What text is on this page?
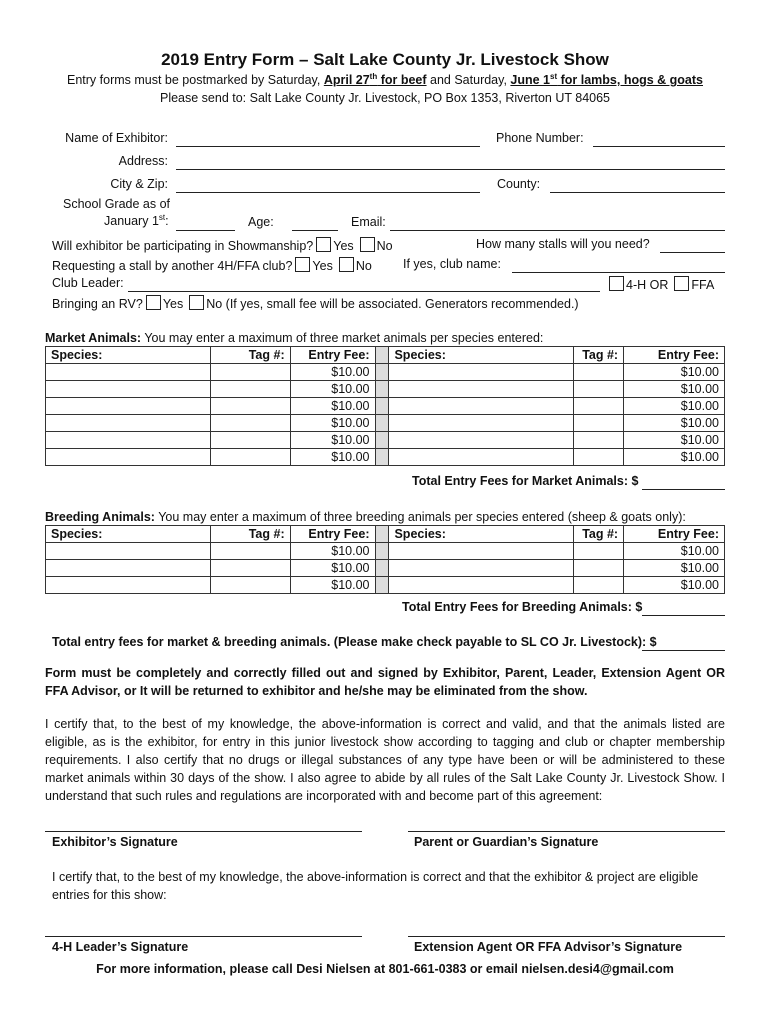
2019 Entry Form – Salt Lake County Jr. Livestock Show
Entry forms must be postmarked by Saturday, April 27th for beef and Saturday, June 1st for lambs, hogs & goats
Please send to: Salt Lake County Jr. Livestock, PO Box 1353, Riverton UT 84065
Name of Exhibitor:	Phone Number:
Address:
City & Zip:	County:
School Grade as of
January 1st:	Age:	Email:
Will exhibitor be participating in Showmanship? Yes No	How many stalls will you need?
Requesting a stall by another 4H/FFA club? Yes No If yes, club name:
Club Leader:	4-H OR FFA
Bringing an RV? Yes No (If yes, small fee will be associated. Generators recommended.)
Market Animals: You may enter a maximum of three market animals per species entered:
Species:	Tag #:	Entry Fee:		Species:	Tag #:	Entry Fee:
		$10.00				$10.00
		$10.00				$10.00
		$10.00				$10.00
		$10.00				$10.00
		$10.00				$10.00
		$10.00				$10.00
Total Entry Fees for Market Animals: $
Breeding Animals: You may enter a maximum of three breeding animals per species entered (sheep & goats only):
Species:	Tag #:	Entry Fee:		Species:	Tag #:	Entry Fee:
		$10.00				$10.00
		$10.00				$10.00
		$10.00				$10.00
Total Entry Fees for Breeding Animals: $
Total entry fees for market & breeding animals. (Please make check payable to SL CO Jr. Livestock): $
Form must be completely and correctly filled out and signed by Exhibitor, Parent, Leader, Extension Agent OR FFA Advisor, or It will be returned to exhibitor and he/she may be eliminated from the show.
I certify that, to the best of my knowledge, the above-information is correct and valid, and that the animals listed are eligible, as is the exhibitor, for entry in this junior livestock show according to tagging and club or chapter membership requirements. I also certify that no drugs or illegal substances of any type have been or will be administered to these market animals within 30 days of the show. I also agree to abide by all rules of the Salt Lake County Jr. Livestock Show. I understand that such rules and regulations are incorporated with and become part of this agreement:
Exhibitor’s Signature	Parent or Guardian’s Signature
I certify that, to the best of my knowledge, the above-information is correct and that the exhibitor & project are eligible entries for this show:
4-H Leader’s Signature	Extension Agent OR FFA Advisor’s Signature
For more information, please call Desi Nielsen at 801-661-0383 or email nielsen.desi4@gmail.com
